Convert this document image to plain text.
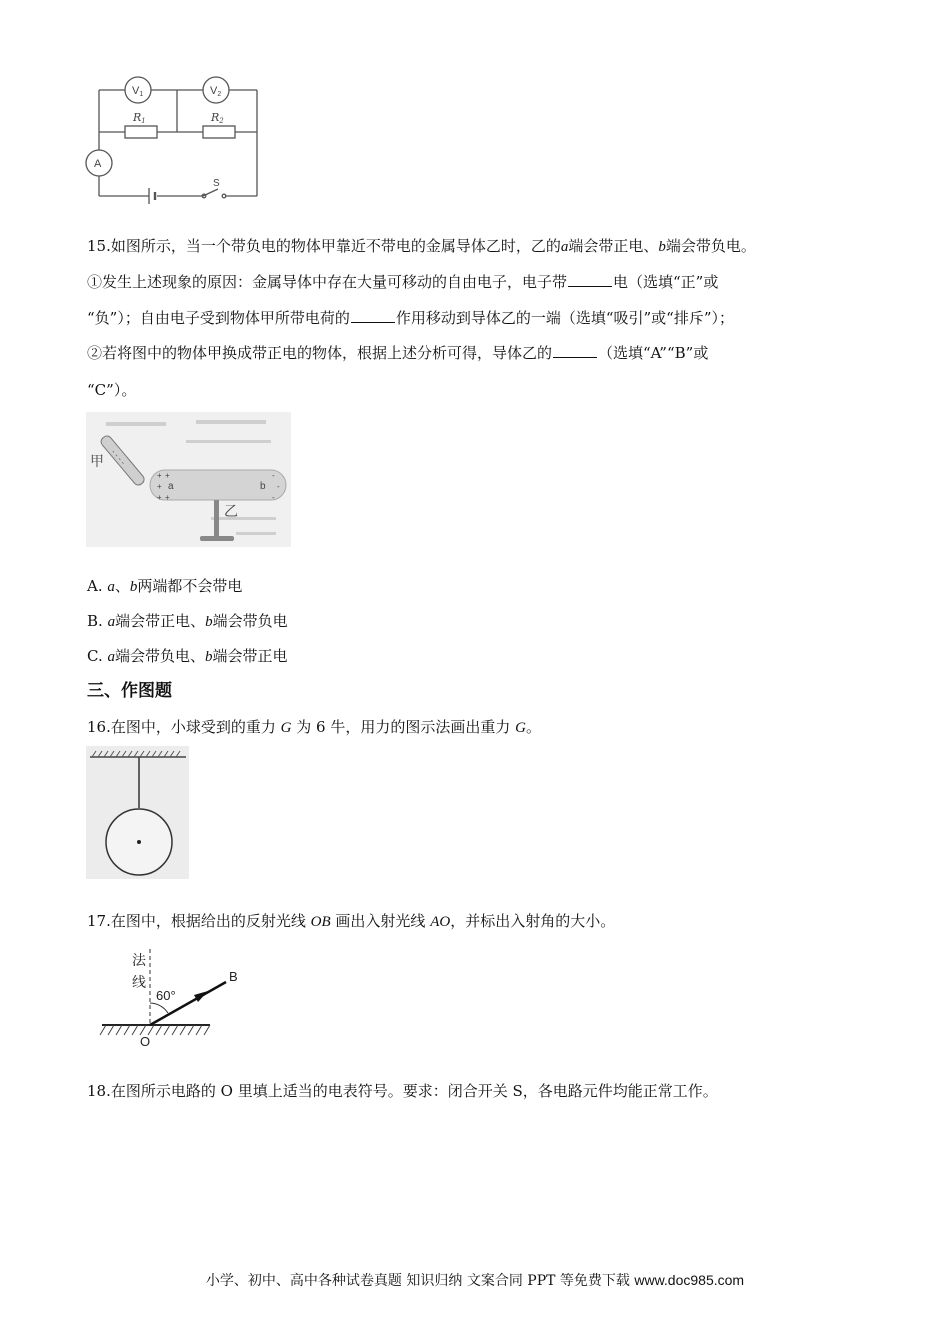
V1	V2
R1	R2
A
S
15.如图所示，当一个带负电的物体甲靠近不带电的金属导体乙时，乙的a端会带正电、b端会带负电。
①发生上述现象的原因：金属导体中存在大量可移动的自由电子，电子带	电（选填“正”或
“负”）；自由电子受到物体甲所带电荷的	作用移动到导体乙的一端（选填“吸引”或“排斥”）；
②若将图中的物体甲换成带正电的物体，根据上述分析可得，导体乙的	（选填“A”“B”或
“C”）。
- - - -
甲
+ +
+
+ +
-
-
-
a	b
乙
A. a、b两端都不会带电
B. a端会带正电、b端会带负电
C. a端会带负电、b端会带正电
三、作图题
16.在图中，小球受到的重力 G 为 6 牛，用力的图示法画出重力 G。
17.在图中，根据给出的反射光线 OB 画出入射光线 AO，并标出入射角的大小。
法
线
60°
B
O
18.在图所示电路的 O 里填上适当的电表符号。要求：闭合开关 S，各电路元件均能正常工作。
小学、初中、高中各种试卷真题 知识归纳 文案合同 PPT 等免费下载 www.doc985.com
